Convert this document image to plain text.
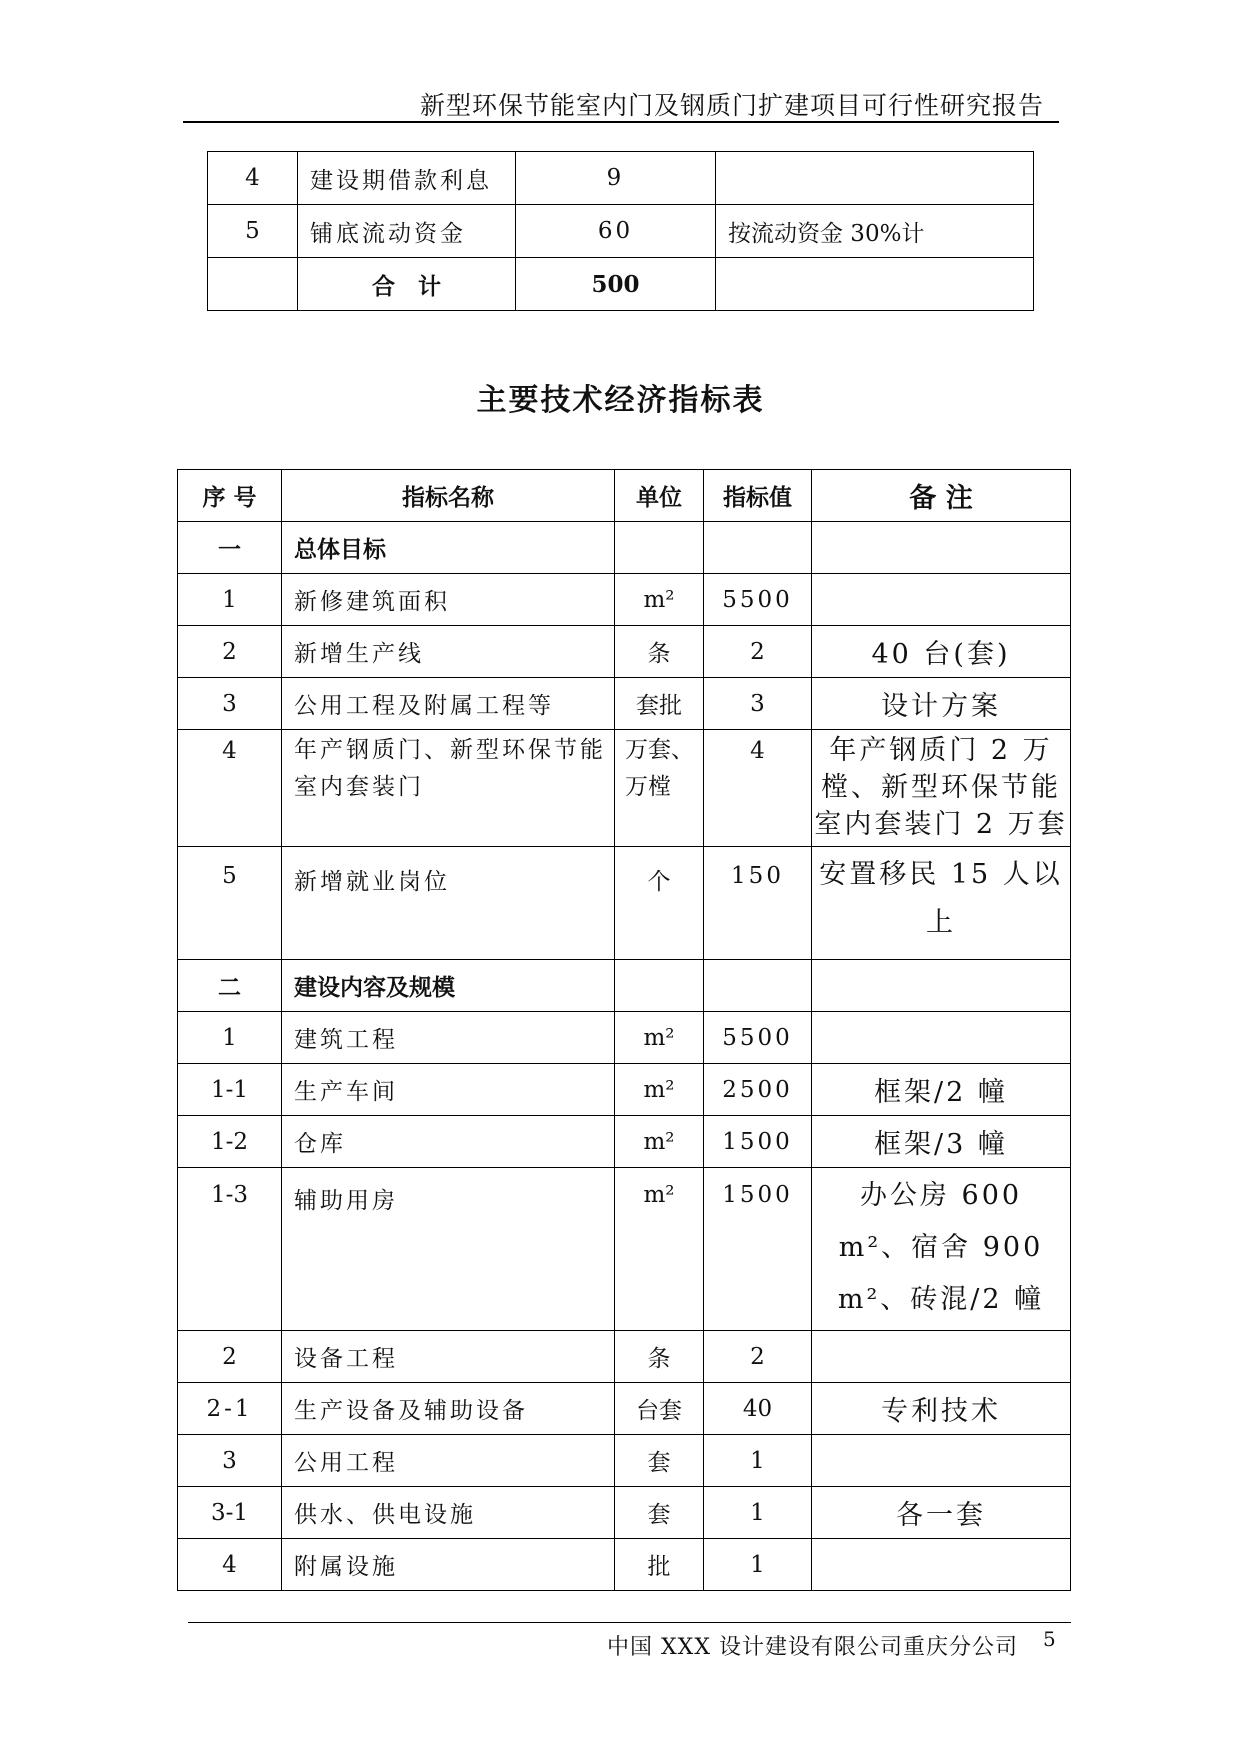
新型环保节能室内门及钢质门扩建项目可行性研究报告
4	建设期借款利息	9	
5	铺底流动资金	60	按流动资金 30%计
	合　计	500	
主要技术经济指标表
序 号	指标名称	单位	指标值	备 注
一	总体目标			
1	新修建筑面积	m²	5500	
2	新增生产线	条	2	40 台(套)
3	公用工程及附属工程等	套批	3	设计方案
4	年产钢质门、新型环保节能室内套装门	万套、万樘	4	年产钢质门 2 万樘、新型环保节能室内套装门 2 万套
5	新增就业岗位	个	150	安置移民 15 人以上
二	建设内容及规模			
1	建筑工程	m²	5500	
1-1	生产车间	m²	2500	框架/2 幢
1-2	仓库	m²	1500	框架/3 幢
1-3	辅助用房	m²	1500	办公房 600 m²、宿舍 900 m²、砖混/2 幢
2	设备工程	条	2	
2-1	生产设备及辅助设备	台套	40	专利技术
3	公用工程	套	1	
3-1	供水、供电设施	套	1	各一套
4	附属设施	批	1	
中国 XXX 设计建设有限公司重庆分公司 5
